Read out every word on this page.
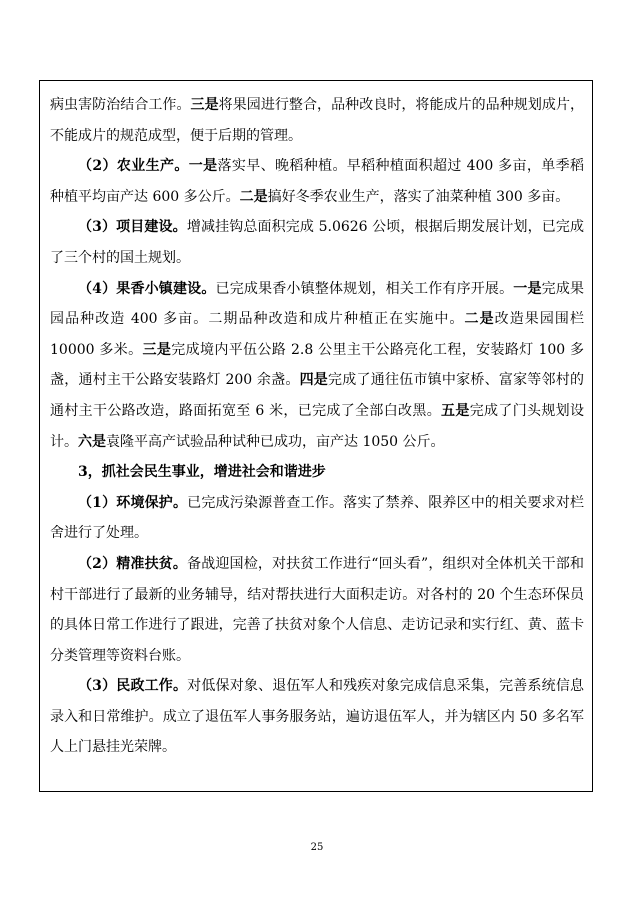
病虫害防治结合工作。三是将果园进行整合，品种改良时，将能成片的品种规划成片，不能成片的规范成型，便于后期的管理。

（2）农业生产。一是落实早、晚稻种植。早稻种植面积超过 400 多亩，单季稻种植平均亩产达 600 多公斤。二是搞好冬季农业生产，落实了油菜种植 300 多亩。

（3）项目建设。增减挂钩总面积完成 5.0626 公顷，根据后期发展计划，已完成了三个村的国土规划。

（4）果香小镇建设。已完成果香小镇整体规划，相关工作有序开展。一是完成果园品种改造 400 多亩。二期品种改造和成片种植正在实施中。二是改造果园围栏 10000 多米。三是完成境内平伍公路 2.8 公里主干公路亮化工程，安装路灯 100 多盏，通村主干公路安装路灯 200 余盏。四是完成了通往伍市镇中家桥、富家等邻村的通村主干公路改造，路面拓宽至 6 米，已完成了全部白改黑。五是完成了门头规划设计。六是袁隆平高产试验品种试种已成功，亩产达 1050 公斤。

3，抓社会民生事业，增进社会和谐进步

（1）环境保护。已完成污染源普查工作。落实了禁养、限养区中的相关要求对栏舍进行了处理。

（2）精准扶贫。备战迎国检，对扶贫工作进行“回头看”，组织对全体机关干部和村干部进行了最新的业务辅导，结对帮扶进行大面积走访。对各村的 20 个生态环保员的具体日常工作进行了跟进，完善了扶贫对象个人信息、走访记录和实行红、黄、蓝卡分类管理等资料台账。

（3）民政工作。对低保对象、退伍军人和残疾对象完成信息采集，完善系统信息录入和日常维护。成立了退伍军人事务服务站，遍访退伍军人，并为辖区内 50 多名军人上门悬挂光荣牌。

25
